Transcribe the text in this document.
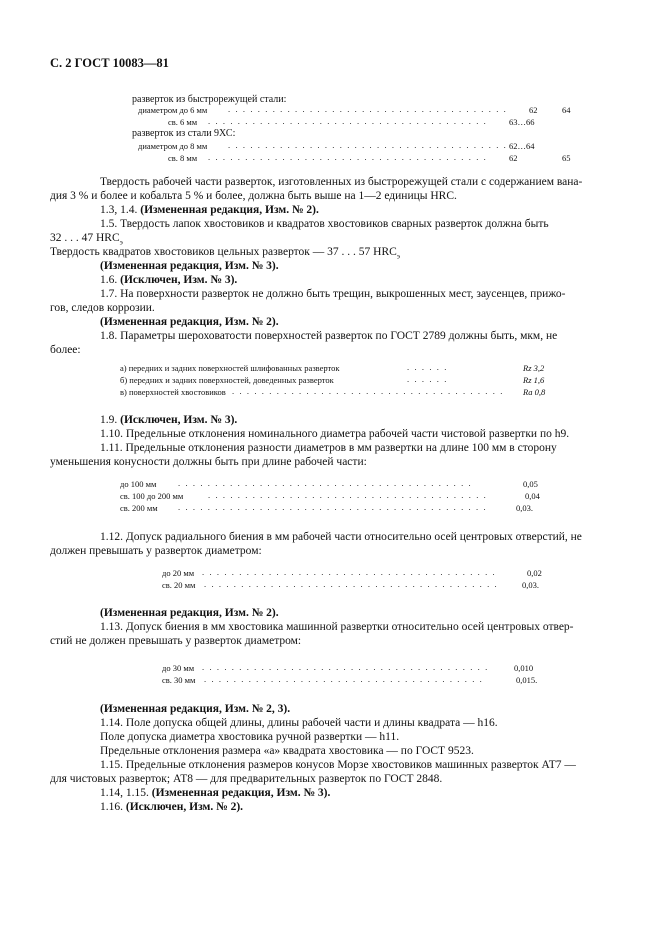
С. 2 ГОСТ 10083—81
разверток из быстрорежущей стали:
диаметром до 6 мм . . . . . . . . . . . . . . . . . . . . . . . . . . . . . . . . . . . . . .	62	64
св. 6 мм . . . . . . . . . . . . . . . . . . . . . . . . . . . . . . . . . . . . . .	63…66
разверток из стали 9ХС:
диаметром до 8 мм . . . . . . . . . . . . . . . . . . . . . . . . . . . . . . . . . . . . . . 62…64
св. 8 мм . . . . . . . . . . . . . . . . . . . . . . . . . . . . . . . . . . . . . .	62	65
Твердость рабочей части разверток, изготовленных из быстрорежущей стали с содержанием вана-
дия 3 % и более и кобальта 5 % и более, должна быть выше на 1—2 единицы HRC.
1.3, 1.4. (Измененная редакция, Изм. № 2).
1.5. Твердость лапок хвостовиков и квадратов хвостовиков сварных разверток должна быть
32 . . . 47 $HRC_э$
Твердость квадратов хвостовиков цельных разверток — 37 . . . 57 $HRC_э$
(Измененная редакция, Изм. № 3).
1.6. (Исключен, Изм. № 3).
1.7. На поверхности разверток не должно быть трещин, выкрошенных мест, заусенцев, прижо-
гов, следов коррозии.
(Измененная редакция, Изм. № 2).
1.8. Параметры шероховатости поверхностей разверток по ГОСТ 2789 должны быть, мкм, не
более:
а) передних и задних поверхностей шлифованных разверток	. . . . . .	Rz 3,2
б) передних и задних поверхностей, доведенных разверток	. . . . . .	Rz 1,6
в) поверхностей хвостовиков . . . . . . . . . . . . . . . . . . . . . . . . . . . . . . . . . . . . .	Ra 0,8
1.9. (Исключен, Изм. № 3).
1.10. Предельные отклонения номинального диаметра рабочей части чистовой развертки по h9.
1.11. Предельные отклонения разности диаметров в мм развертки на длине 100 мм в сторону
уменьшения конусности должны быть при длине рабочей части:
до 100 мм	. . . . . . . . . . . . . . . . . . . . . . . . . . . . . . . . . . . . . . . .	0,05
св. 100 до 200 мм	. . . . . . . . . . . . . . . . . . . . . . . . . . . . . . . . . . . . . .	0,04
св. 200 мм . . . . . . . . . . . . . . . . . . . . . . . . . . . . . . . . . . . . . . . . . .	0,03.
1.12. Допуск радиального биения в мм рабочей части относительно осей центровых отверстий, не
должен превышать у разверток диаметром:
до 20 мм . . . . . . . . . . . . . . . . . . . . . . . . . . . . . . . . . . . . . . . .	0,02
св. 20 мм . . . . . . . . . . . . . . . . . . . . . . . . . . . . . . . . . . . . . . . .	0,03.
(Измененная редакция, Изм. № 2).
1.13. Допуск биения в мм хвостовика машинной развертки относительно осей центровых отвер-
стий не должен превышать у разверток диаметром:
до 30 мм . . . . . . . . . . . . . . . . . . . . . . . . . . . . . . . . . . . . . . .	0,010
св. 30 мм . . . . . . . . . . . . . . . . . . . . . . . . . . . . . . . . . . . . . .	0,015.
(Измененная редакция, Изм. № 2, 3).
1.14. Поле допуска общей длины, длины рабочей части и длины квадрата — h16.
Поле допуска диаметра хвостовика ручной развертки — h11.
Предельные отклонения размера «а» квадрата хвостовика — по ГОСТ 9523.
1.15. Предельные отклонения размеров конусов Морзе хвостовиков машинных разверток АТ7 —
для чистовых разверток; АТ8 — для предварительных разверток по ГОСТ 2848.
1.14, 1.15. (Измененная редакция, Изм. № 3).
1.16. (Исключен, Изм. № 2).
